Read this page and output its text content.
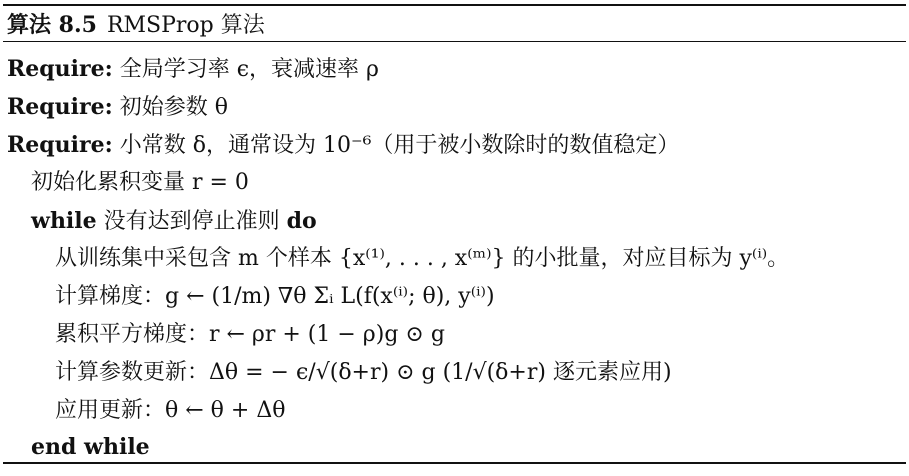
算法 8.5 RMSProp 算法
Require: 全局学习率 ϵ，衰减速率 ρ
Require: 初始参数 θ
Require: 小常数 δ，通常设为 10⁻⁶（用于被小数除时的数值稳定）
初始化累积变量 r = 0
while 没有达到停止准则 do
从训练集中采包含 m 个样本 {x⁽¹⁾, . . . , x⁽ᵐ⁾} 的小批量，对应目标为 y⁽ⁱ⁾。
计算梯度：g ← (1/m) ∇θ Σᵢ L(f(x⁽ⁱ⁾; θ), y⁽ⁱ⁾)
累积平方梯度：r ← ρr + (1 − ρ)g ⊙ g
计算参数更新：Δθ = − ϵ/√(δ+r) ⊙ g (1/√(δ+r) 逐元素应用)
应用更新：θ ← θ + Δθ
end while
